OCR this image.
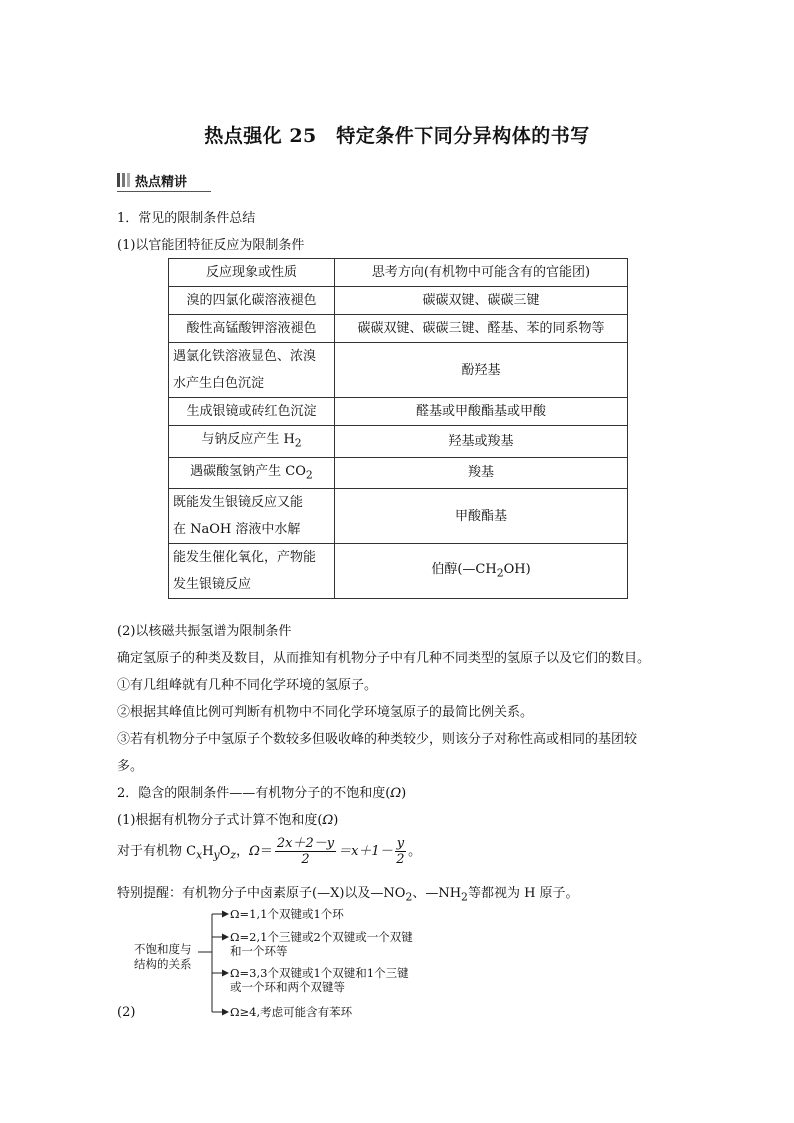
热点强化 25　特定条件下同分异构体的书写
热点精讲
1．常见的限制条件总结
(1)以官能团特征反应为限制条件
反应现象或性质	思考方向(有机物中可能含有的官能团)
溴的四氯化碳溶液褪色	碳碳双键、碳碳三键
酸性高锰酸钾溶液褪色	碳碳双键、碳碳三键、醛基、苯的同系物等
遇氯化铁溶液显色、浓溴
水产生白色沉淀	酚羟基
生成银镜或砖红色沉淀	醛基或甲酸酯基或甲酸
与钠反应产生 $H_2$	羟基或羧基
遇碳酸氢钠产生 $CO_2$	羧基
既能发生银镜反应又能
在 NaOH 溶液中水解	甲酸酯基
能发生催化氧化，产物能
发生银镜反应	伯醇$(—CH_2OH)$
(2)以核磁共振氢谱为限制条件
确定氢原子的种类及数目，从而推知有机物分子中有几种不同类型的氢原子以及它们的数目。
①有几组峰就有几种不同化学环境的氢原子。
②根据其峰值比例可判断有机物中不同化学环境氢原子的最简比例关系。
③若有机物分子中氢原子个数较多但吸收峰的种类较少，则该分子对称性高或相同的基团较
多。
2．隐含的限制条件——有机物分子的不饱和度(Ω)
(1)根据有机物分子式计算不饱和度(Ω)
对于有机物 $C_xH_yO_z$，$\Omega= \frac{2x+2-y}{2} =x+1- \frac{y}{2}$ 。
特别提醒：有机物分子中卤素原子(—X)以及$—NO_2$、$—NH_2$等都视为 H 原子。
不饱和度与
结构的关系
Ω=1,1个双键或1个环
Ω=2,1个三键或2个双键或一个双键
和一个环等
Ω=3,3个双键或1个双键和1个三键
或一个环和两个双键等
Ω≥4,考虑可能含有苯环
(2)
